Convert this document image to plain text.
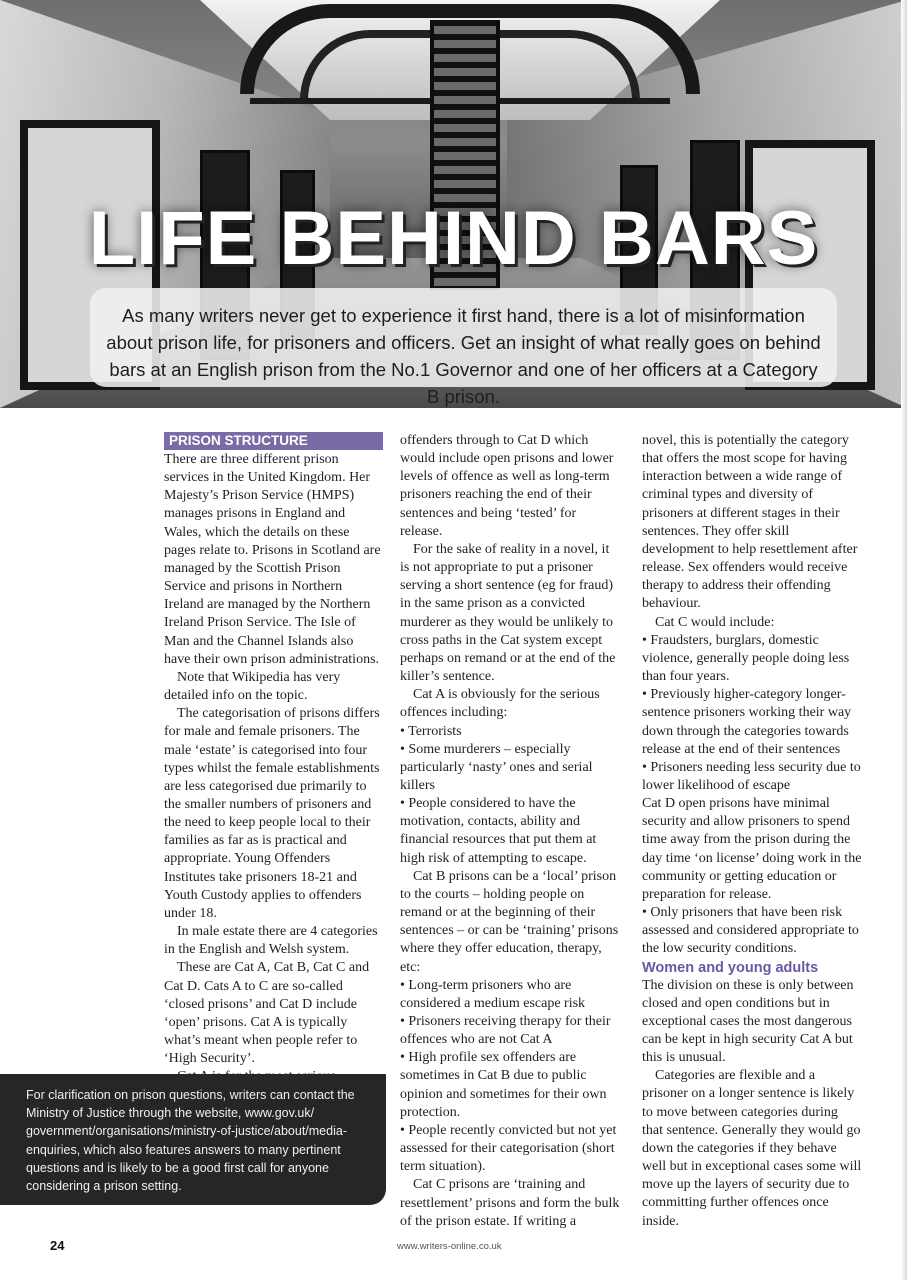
LIFE BEHIND BARS
As many writers never get to experience it first hand, there is a lot of misinformation about prison life, for prisoners and officers. Get an insight of what really goes on behind bars at an English prison from the No.1 Governor and one of her officers at a Category B prison.
PRISON STRUCTURE

There are three different prison services in the United Kingdom. Her Majesty’s Prison Service (HMPS) manages prisons in England and Wales, which the details on these pages relate to. Prisons in Scotland are managed by the Scottish Prison Service and prisons in Northern Ireland are managed by the Northern Ireland Prison Service. The Isle of Man and the Channel Islands also have their own prison administrations.

Note that Wikipedia has very detailed info on the topic.

The categorisation of prisons differs for male and female prisoners. The male ‘estate’ is categorised into four types whilst the female establishments are less categorised due primarily to the smaller numbers of prisoners and the need to keep people local to their families as far as is practical and appropriate. Young Offenders Institutes take prisoners 18-21 and Youth Custody applies to offenders under 18.

In male estate there are 4 categories in the English and Welsh system.

These are Cat A, Cat B, Cat C and Cat D. Cats A to C are so-called ‘closed prisons’ and Cat D include ‘open’ prisons. Cat A is typically what’s meant when people refer to ‘High Security’.

offenders through to Cat D which would include open prisons and lower levels of offence as well as long-term prisoners reaching the end of their sentences and being ‘tested’ for release.

For the sake of reality in a novel, it is not appropriate to put a prisoner serving a short sentence (eg for fraud) in the same prison as a convicted murderer as they would be unlikely to cross paths in the Cat system except perhaps on remand or at the end of the killer’s sentence.

Cat A is obviously for the serious offences including:

• Terrorists

• Some murderers – especially particularly ‘nasty’ ones and serial killers

• People considered to have the motivation, contacts, ability and financial resources that put them at high risk of attempting to escape.

Cat B prisons can be a ‘local’ prison to the courts – holding people on remand or at the beginning of their sentences – or can be ‘training’ prisons where they offer education, therapy, etc:

• Long-term prisoners who are considered a medium escape risk

• Prisoners receiving therapy for their offences who are not Cat A

• High profile sex offenders are sometimes in Cat B due to public opinion and sometimes for their own protection.

• People recently convicted but not yet assessed for their categorisation (short term situation).

Cat C prisons are ‘training and resettlement’ prisons and form the bulk of the prison estate. If writing a

novel, this is potentially the category that offers the most scope for having interaction between a wide range of criminal types and diversity of prisoners at different stages in their sentences. They offer skill development to help resettlement after release. Sex offenders would receive therapy to address their offending behaviour.

Cat C would include:

• Fraudsters, burglars, domestic violence, generally people doing less than four years.

• Previously higher-category longer-sentence prisoners working their way down through the categories towards release at the end of their sentences

• Prisoners needing less security due to lower likelihood of escape

Cat D open prisons have minimal security and allow prisoners to spend time away from the prison during the day time ‘on license’ doing work in the community or getting education or preparation for release.

• Only prisoners that have been risk assessed and considered appropriate to the low security conditions.

Women and young adults

The division on these is only between closed and open conditions but in exceptional cases the most dangerous can be kept in high security Cat A but this is unusual.

Categories are flexible and a prisoner on a longer sentence is likely to move between categories during that sentence. Generally they would go down the categories if they behave well but in exceptional cases some will move up the layers of security due to committing further offences once inside.

For clarification on prison questions, writers can contact the Ministry of Justice through the website, www.gov.uk/ government/organisations/ministry-of-justice/about/media-enquiries, which also features answers to many pertinent questions and is likely to be a good first call for anyone considering a prison setting.
24	www.writers-online.co.uk
